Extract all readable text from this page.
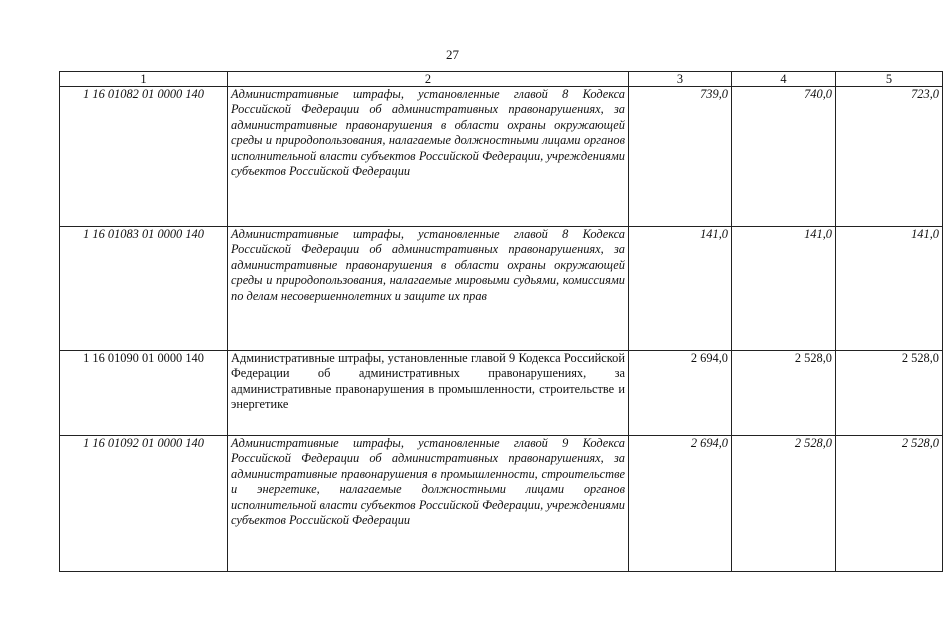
27
1	2	3	4	5
1 16 01082 01 0000 140	Административные штрафы, установленные главой 8 Кодекса Российской Федерации об административных правонарушениях, за административные правонарушения в области охраны окружающей среды и природопользования, налагаемые должностными лицами органов исполнительной власти субъектов Российской Федерации, учреждениями субъектов Российской Федерации	739,0	740,0	723,0
1 16 01083 01 0000 140	Административные штрафы, установленные главой 8 Кодекса Российской Федерации об административных правонарушениях, за административные правонарушения в области охраны окружающей среды и природопользования, налагаемые мировыми судьями, комиссиями по делам несовершеннолетних и защите их прав	141,0	141,0	141,0
1 16 01090 01 0000 140	Административные штрафы, установленные главой 9 Кодекса Российской Федерации об административных правонарушениях, за административные правонарушения в промышленности, строительстве и энергетике	2 694,0	2 528,0	2 528,0
1 16 01092 01 0000 140	Административные штрафы, установленные главой 9 Кодекса Российской Федерации об административных правонарушениях, за административные правонарушения в промышленности, строительстве и энергетике, налагаемые должностными лицами органов исполнительной власти субъектов Российской Федерации, учреждениями субъектов Российской Федерации	2 694,0	2 528,0	2 528,0
